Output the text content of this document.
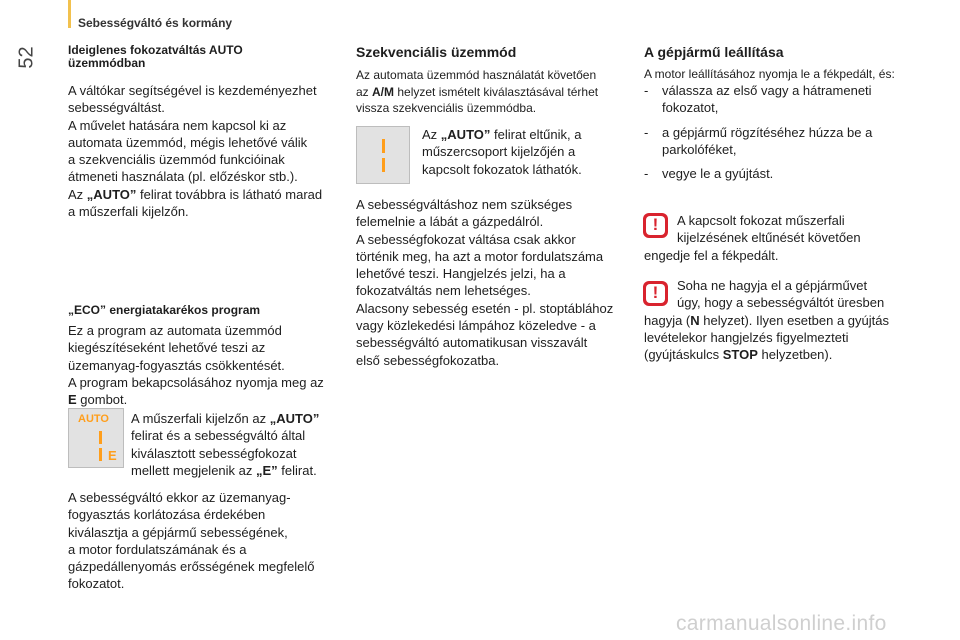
Sebességváltó és kormány
52	Ideiglenes fokozatváltás AUTO üzemmódban
A váltókar segítségével is kezdeményezhet
sebességváltást.
A művelet hatására nem kapcsol ki az
automata üzemmód, mégis lehetővé válik
a szekvenciális üzemmód funkcióinak
átmeneti használata (pl. előzéskor stb.).
Az „AUTO” felirat továbbra is látható marad
a műszerfali kijelzőn.
„ECO” energiatakarékos program
Ez a program az automata üzemmód
kiegészítéseként lehetővé teszi az
üzemanyag-fogyasztás csökkentését.
A program bekapcsolásához nyomja meg az
E gombot.
AUTO
E
A műszerfali kijelzőn az „AUTO”
felirat és a sebességváltó által
kiválasztott sebességfokozat
mellett megjelenik az „E” felirat.
A sebességváltó ekkor az üzemanyag-
fogyasztás korlátozása érdekében
kiválasztja a gépjármű sebességének,
a motor fordulatszámának és a
gázpedállenyomás erősségének megfelelő
fokozatot.
Szekvenciális üzemmód
Az automata üzemmód használatát követően
az A/M helyzet ismételt kiválasztásával térhet
vissza szekvenciális üzemmódba.
Az „AUTO” felirat eltűnik, a
műszercsoport kijelzőjén a
kapcsolt fokozatok láthatók.
A sebességváltáshoz nem szükséges
felemelnie a lábát a gázpedálról.
A sebességfokozat váltása csak akkor
történik meg, ha azt a motor fordulatszáma
lehetővé teszi. Hangjelzés jelzi, ha a
fokozatváltás nem lehetséges.
Alacsony sebesség esetén - pl. stoptáblához
vagy közlekedési lámpához közeledve - a
sebességváltó automatikusan visszavált
első sebességfokozatba.
A gépjármű leállítása
A motor leállításához nyomja le a fékpedált, és:
- válassza az első vagy a hátrameneti
fokozatot,
- a gépjármű rögzítéséhez húzza be a
parkolóféket,
- vegye le a gyújtást.
!	A kapcsolt fokozat műszerfali
kijelzésének eltűnését követően
engedje fel a fékpedált.
!	Soha ne hagyja el a gépjárművet
úgy, hogy a sebességváltót üresben
hagyja (N helyzet). Ilyen esetben a gyújtás
levételekor hangjelzés figyelmezteti
(gyújtáskulcs STOP helyzetben).
carmanualsonline.info
